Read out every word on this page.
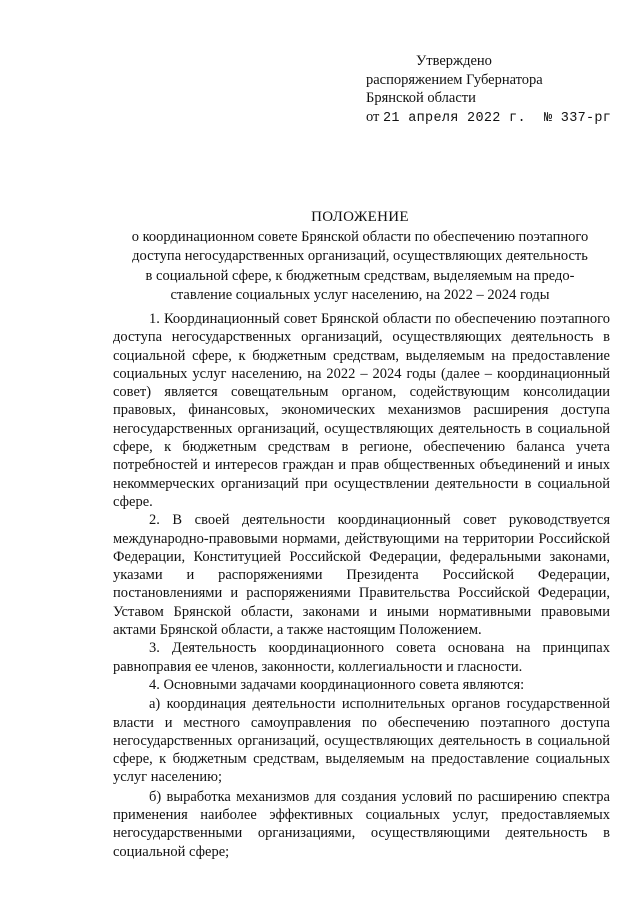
Утверждено
распоряжением Губернатора
Брянской области
от 21 апреля 2022 г. № 337-рг
ПОЛОЖЕНИЕ
о координационном совете Брянской области по обеспечению поэтапного
доступа негосударственных организаций, осуществляющих деятельность
в социальной сфере, к бюджетным средствам, выделяемым на предо-
ставление социальных услуг населению, на 2022 – 2024 годы

1. Координационный совет Брянской области по обеспечению поэтапного доступа негосударственных организаций, осуществляющих деятельность в социальной сфере, к бюджетным средствам, выделяемым на предоставление социальных услуг населению, на 2022 – 2024 годы (далее – координационный совет) является совещательным органом, содействующим консолидации правовых, финансовых, экономических механизмов расширения доступа негосударственных организаций, осуществляющих деятельность в социальной сфере, к бюджетным средствам в регионе, обеспечению баланса учета потребностей и интересов граждан и прав общественных объединений и иных некоммерческих организаций при осуществлении деятельности в социальной сфере.

2. В своей деятельности координационный совет руководствуется международно-правовыми нормами, действующими на территории Российской Федерации, Конституцией Российской Федерации, федеральными законами, указами и распоряжениями Президента Российской Федерации, постановлениями и распоряжениями Правительства Российской Федерации, Уставом Брянской области, законами и иными нормативными правовыми актами Брянской области, а также настоящим Положением.

3. Деятельность координационного совета основана на принципах равноправия ее членов, законности, коллегиальности и гласности.

4. Основными задачами координационного совета являются:

а) координация деятельности исполнительных органов государственной власти и местного самоуправления по обеспечению поэтапного доступа негосударственных организаций, осуществляющих деятельность в социальной сфере, к бюджетным средствам, выделяемым на предоставление социальных услуг населению;

б) выработка механизмов для создания условий по расширению спектра применения наиболее эффективных социальных услуг, предоставляемых негосударственными организациями, осуществляющими деятельность в социальной сфере;
